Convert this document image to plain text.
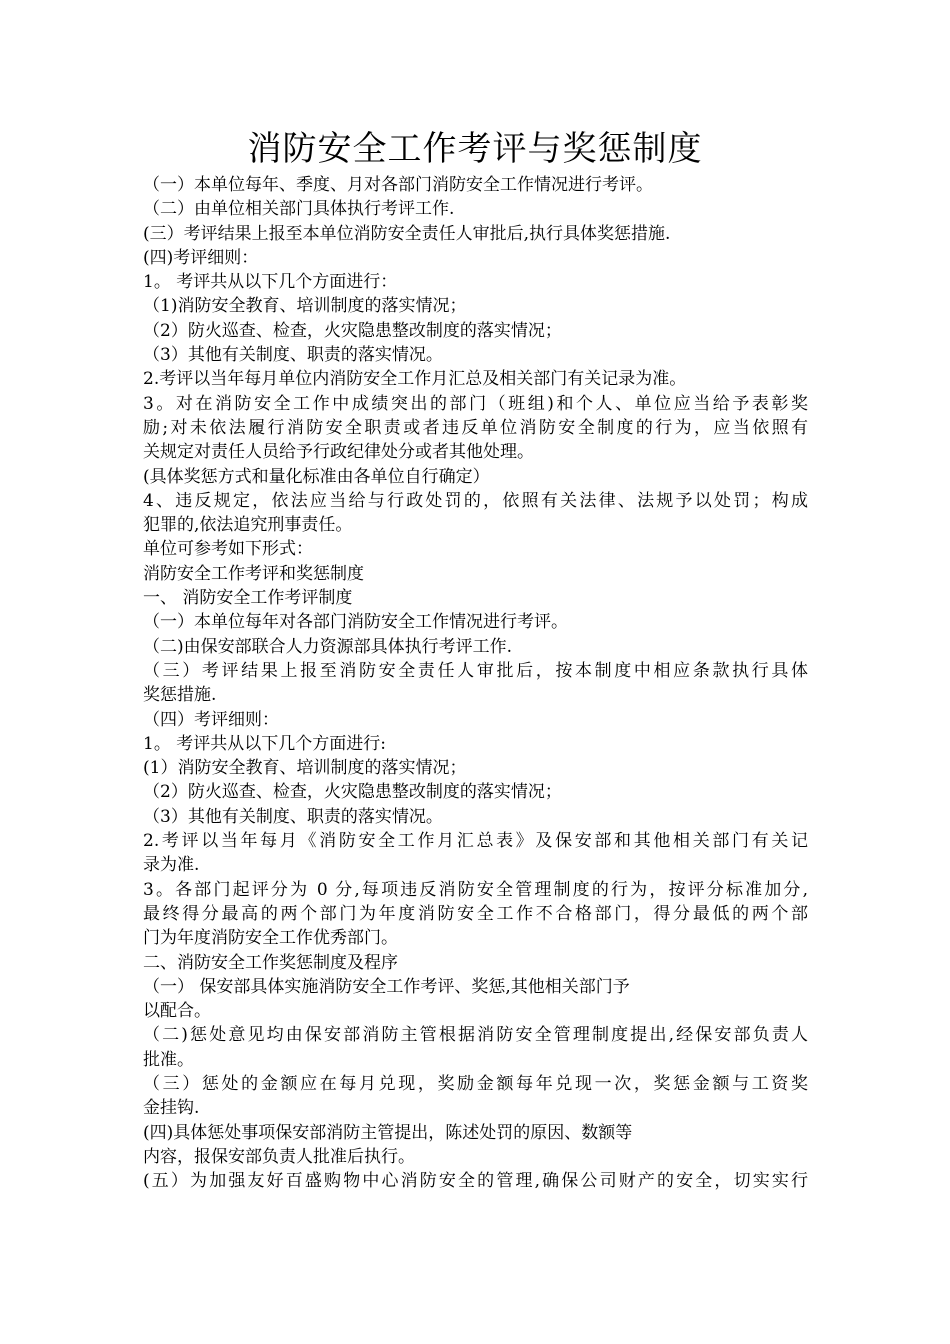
消防安全工作考评与奖惩制度
（一）本单位每年、季度、月对各部门消防安全工作情况进行考评。
（二）由单位相关部门具体执行考评工作.
(三）考评结果上报至本单位消防安全责任人审批后,执行具体奖惩措施.
(四)考评细则：
1。 考评共从以下几个方面进行：
（1)消防安全教育、培训制度的落实情况；
（2）防火巡查、检查，火灾隐患整改制度的落实情况；
（3）其他有关制度、职责的落实情况。
2.考评以当年每月单位内消防安全工作月汇总及相关部门有关记录为准。
3。对在消防安全工作中成绩突出的部门（班组)和个人、单位应当给予表彰奖
励;对未依法履行消防安全职责或者违反单位消防安全制度的行为，应当依照有
关规定对责任人员给予行政纪律处分或者其他处理。
(具体奖惩方式和量化标准由各单位自行确定）
4、违反规定，依法应当给与行政处罚的，依照有关法律、法规予以处罚；构成
犯罪的,依法追究刑事责任。
单位可参考如下形式：
消防安全工作考评和奖惩制度
一、 消防安全工作考评制度
（一）本单位每年对各部门消防安全工作情况进行考评。
（二)由保安部联合人力资源部具体执行考评工作.
（三）考评结果上报至消防安全责任人审批后，按本制度中相应条款执行具体
奖惩措施.
（四）考评细则：
1。 考评共从以下几个方面进行:
(1）消防安全教育、培训制度的落实情况；
（2）防火巡查、检查，火灾隐患整改制度的落实情况；
（3）其他有关制度、职责的落实情况。
2.考评以当年每月《消防安全工作月汇总表》及保安部和其他相关部门有关记
录为准.
3。各部门起评分为 0 分,每项违反消防安全管理制度的行为，按评分标准加分,
最终得分最高的两个部门为年度消防安全工作不合格部门，得分最低的两个部
门为年度消防安全工作优秀部门。
二、消防安全工作奖惩制度及程序
（一） 保安部具体实施消防安全工作考评、奖惩,其他相关部门予
以配合。
（二)惩处意见均由保安部消防主管根据消防安全管理制度提出,经保安部负责人
批准。
（三）惩处的金额应在每月兑现，奖励金额每年兑现一次，奖惩金额与工资奖
金挂钩.
(四)具体惩处事项保安部消防主管提出，陈述处罚的原因、数额等
内容，报保安部负责人批准后执行。
(五）为加强友好百盛购物中心消防安全的管理,确保公司财产的安全，切实实行
